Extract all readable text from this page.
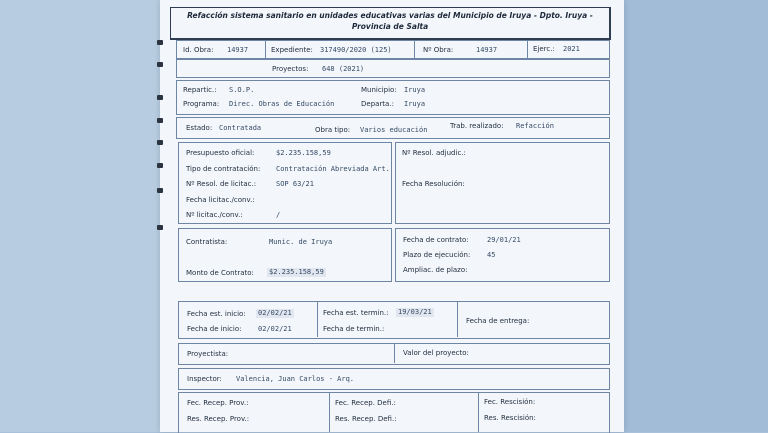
Refacción sistema sanitario en unidades educativas varias del Municipio de Iruya - Dpto. Iruya - Provincia de Salta
Id. Obra: 14937	Expediente: 317490/2020 (125)	Nº Obra:	14937	Ejerc.: 2021
Proyectos: 648 (2021)
Repartic.: S.O.P.
Programa: Direc. Obras de Educación
Municipio: Iruya
Departa.: Iruya
Estado: Contratada	Obra tipo: Varios educación	Trab. realizado: Refacción
Presupuesto oficial:	$2.235.158,59
Tipo de contratación: Contratación Abreviada Art.
Nº Resol. de licitac.:	SOP 63/21
Fecha licitac./conv.:
Nº licitac./conv.:	/
Nº Resol. adjudic.:
Fecha Resolución:
Contratista:	Munic. de Iruya
Monto de Contrato: $2.235.158,59
Fecha de contrato:	29/01/21
Plazo de ejecución: 45
Ampliac. de plazo:
Fecha est. inicio: 02/02/21
Fecha de inicio: 02/02/21
Fecha est. termin.: 19/03/21
Fecha de termin.:
Fecha de entrega:
Proyectista:	Valor del proyecto:
Inspector: Valencia, Juan Carlos - Arq.
Fec. Recep. Prov.:
Res. Recep. Prov.:
Fec. Recep. Defi.:
Res. Recep. Defi.:
Fec. Rescisión:
Res. Rescisión:
